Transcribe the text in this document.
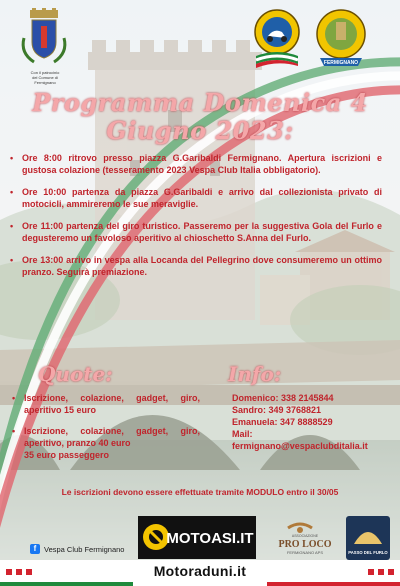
Con il patrocinio
del Comune di
Fermignano
FERMIGNANO
Programma Domenica 4
Giugno 2023:
• Ore 8:00 ritrovo presso piazza G.Garibaldi Fermignano. Apertura iscrizioni e gustosa colazione (tesseramento 2023 Vespa Club Italia obbligatorio).
• Ore 10:00 partenza da piazza G.Garibaldi e arrivo dal collezionista privato di motocicli, ammireremo le sue meraviglie.
• Ore 11:00 partenza del giro turistico. Passeremo per la suggestiva Gola del Furlo e degusteremo un favoloso aperitivo al chioschetto S.Anna del Furlo.
• Ore 13:00 arrivo in vespa alla Locanda del Pellegrino dove consumeremo un ottimo pranzo. Seguirà premiazione.
Quote:
• Iscrizione, colazione, gadget, giro, aperitivo 15 euro
• Iscrizione, colazione, gadget, giro, aperitivo, pranzo 40 euro
35 euro passeggero
Info:
Domenico: 338 2145844
Sandro: 349 3768821
Emanuela: 347 8888529
Mail:
fermignano@vespaclubditalia.it
Le iscrizioni devono essere effettuate tramite MODULO entro il 30/05
f	Vespa Club Fermignano
MOTOASI.IT	ASSOCIAZIONE
PRO LOCO
FERMIGNANO APS	PASSO DEL FURLO
Motoraduni.it
